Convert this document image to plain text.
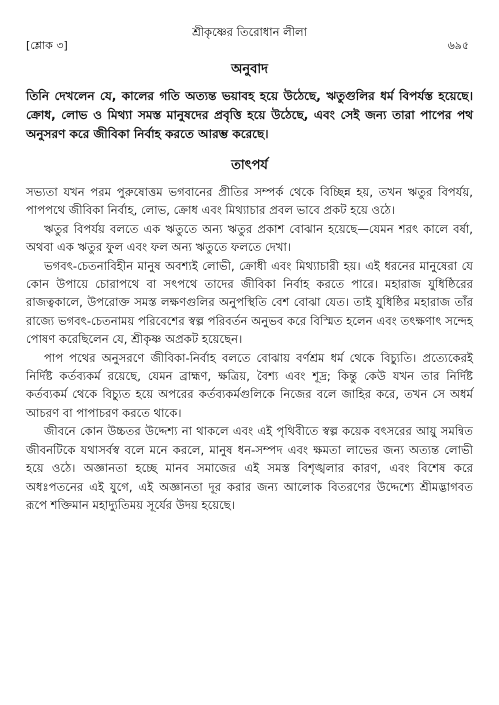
শ্রীকৃষ্ণের তিরোধান লীলা
[শ্লোক ৩]	৬৯৫
অনুবাদ

তিনি দেখলেন যে, কালের গতি অত্যন্ত ভয়াবহ হয়ে উঠেছে, ঋতুগুলির ধর্ম বিপর্যস্ত হয়েছে। ক্রোধ, লোভ ও মিথ্যা সমস্ত মানুষদের প্রবৃত্তি হয়ে উঠেছে, এবং সেই জন্য তারা পাপের পথ অনুসরণ করে জীবিকা নির্বাহ করতে আরম্ভ করেছে।

তাৎপর্য

সভ্যতা যখন পরম পুরুষোত্তম ভগবানের প্রীতির সম্পর্ক থেকে বিচ্ছিন্ন হয়, তখন ঋতুর বিপর্যয়, পাপপথে জীবিকা নির্বাহ, লোভ, ক্রোধ এবং মিথ্যাচার প্রবল ভাবে প্রকট হয়ে ওঠে।

ঋতুর বিপর্যয় বলতে এক ঋতুতে অন্য ঋতুর প্রকাশ বোঝান হয়েছে—যেমন শরৎ কালে বর্ষা, অথবা এক ঋতুর ফুল এবং ফল অন্য ঋতুতে ফলতে দেখা।

ভগবৎ-চেতনাবিহীন মানুষ অবশ্যই লোভী, ক্রোধী এবং মিথ্যাচারী হয়। এই ধরনের মানুষেরা যে কোন উপায়ে চোরাপথে বা সৎপথে তাদের জীবিকা নির্বাহ করতে পারে। মহারাজ যুধিষ্ঠিরের রাজত্বকালে, উপরোক্ত সমস্ত লক্ষণগুলির অনুপস্থিতি বেশ বোঝা যেত। তাই যুধিষ্ঠির মহারাজ তাঁর রাজ্যে ভগবৎ-চেতনাময় পরিবেশের স্বল্প পরিবর্তন অনুভব করে বিস্মিত হলেন এবং তৎক্ষণাৎ সন্দেহ পোষণ করেছিলেন যে, শ্রীকৃষ্ণ অপ্রকট হয়েছেন।

পাপ পথের অনুসরণে জীবিকা-নির্বাহ বলতে বোঝায় বর্ণশ্রম ধর্ম থেকে বিচ্যুতি। প্রত্যেকেরই নির্দিষ্ট কর্তব্যকর্ম রয়েছে, যেমন ব্রাহ্মণ, ক্ষত্রিয়, বৈশ্য এবং শূদ্র; কিন্তু কেউ যখন তার নির্দিষ্ট কর্তব্যকর্ম থেকে বিচ্যুত হয়ে অপরের কর্তব্যকর্মগুলিকে নিজের বলে জাহির করে, তখন সে অধর্ম আচরণ বা পাপাচরণ করতে থাকে।

জীবনে কোন উচ্চতর উদ্দেশ্য না থাকলে এবং এই পৃথিবীতে স্বল্প কয়েক বৎসরের আয়ু সমন্বিত জীবনটিকে যথাসর্বস্ব বলে মনে করলে, মানুষ ধন-সম্পদ এবং ক্ষমতা লাভের জন্য অত্যন্ত লোভী হয়ে ওঠে। অজ্ঞানতা হচ্ছে মানব সমাজের এই সমস্ত বিশৃঙ্খলার কারণ, এবং বিশেষ করে অধঃপতনের এই যুগে, এই অজ্ঞানতা দূর করার জন্য আলোক বিতরণের উদ্দেশ্যে শ্রীমদ্ভাগবত রূপে শক্তিমান মহাদ্যুতিময় সূর্যের উদয় হয়েছে।
